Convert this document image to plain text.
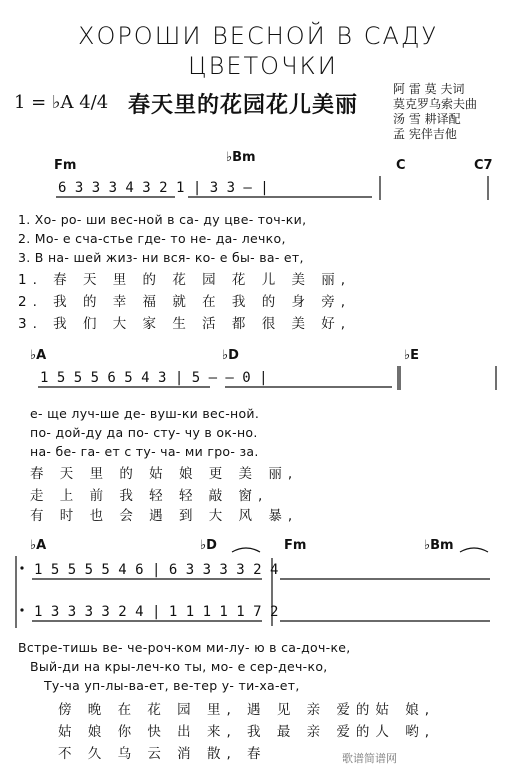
ХОРОШИ ВЕСНОЙ В САДУ
ЦВЕТОЧКИ
1 = ♭A 4/4 春天里的花园花儿美丽
阿 雷 莫 夫词
莫克罗乌索夫曲
汤 雪 耕译配
孟 宪伴吉他
Fm
♭Bm
C	C7
6 3 3 3 4 3 2 1 | 3 3 — |
1. Хо- ро- ши вес-ной в са- ду цве- точ-ки,
2. Мо- е сча-стье где- то не- да- лечко,
3. В на- шей жиз- ни вся- ко- е бы- ва- ет,
1. 春 天 里 的 花 园 花 儿 美 丽,
2. 我 的 幸 福 就 在 我 的 身 旁,
3. 我 们 大 家 生 活 都 很 美 好,
♭A	♭D	♭E
1 5 5 5 6 5 4 3 | 5 — — 0 |
е- ще луч-ше де- вуш-ки вес-ной.
по- дой-ду да по- сту- чу в ок-но.
на- бе- га- ет с ту- ча- ми гро- за.
春 天 里 的 姑 娘 更 美 丽,
走 上 前 我 轻 轻 敲 窗,
有 时 也 会 遇 到 大 风 暴,
♭A	♭D	Fm	♭Bm
1 5 5 5 5 4 6 | 6 3 3 3 3 2 4
1 3 3 3 3 2 4 | 1 1 1 1 1 7 2
Встре-тишь ве- че-роч-ком ми-лу- ю в са-доч-ке,
Вый-ди на кры-леч-ко ты, мо- е сер-деч-ко,
Ту-ча уп-лы-ва-ет, ве-тер у- ти-ха-ет,
傍 晚 在 花 园 里, 遇 见 亲 爱的姑 娘,
姑 娘 你 快 出 来, 我 最 亲 爱的人 哟,
不 久 乌 云 消 散, 春	歌谱简谱网
